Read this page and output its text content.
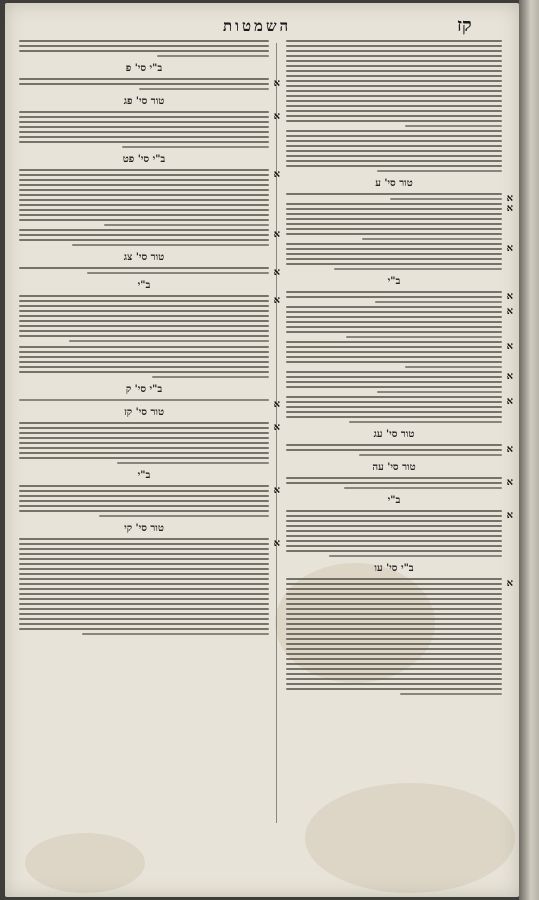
השמטות	קז
טור סי' ע
א
א
א
ב"י
א
א
א
א
א
טור סי' עג
א
טור סי' עה
א
ב"י
א
ב"י סי' עו
א
ב"י סי' פ
א
טור סי' פג
א
ב"י סי' פט
א
א
טור סי' צג
א
ב"י
א
ב"י סי' ק
א
טור סי' קז
א
ב"י
א
טור סי' קי
א
